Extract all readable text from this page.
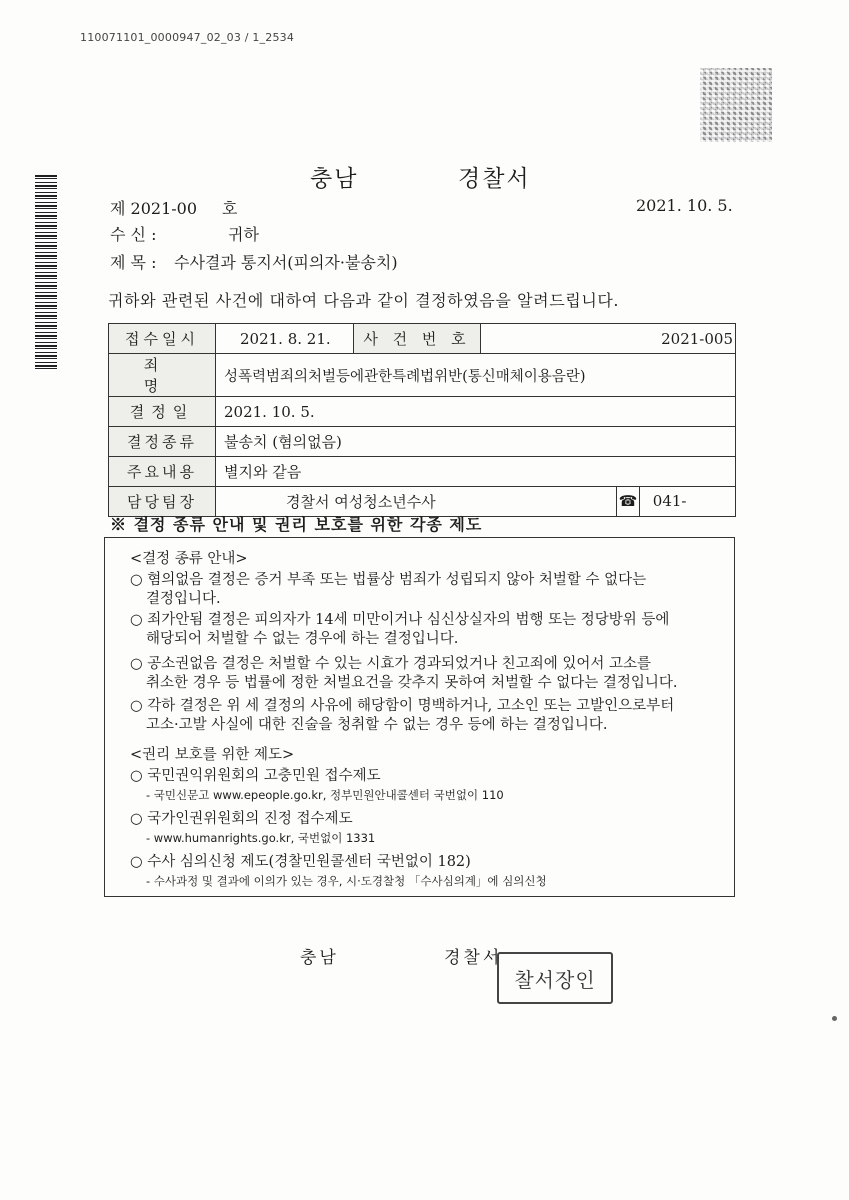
110071101_0000947_02_03 / 1_2534
충남	경찰서
제 2021-00 호	2021. 10. 5.
수 신 :	귀하
제 목 : 수사결과 통지서(피의자·불송치)
귀하와 관련된 사건에 대하여 다음과 같이 결정하였음을 알려드립니다.
접수일시	2021. 8. 21.	사 건 번 호	2021-005	
죄 명	성폭력범죄의처벌등에관한특례법위반(통신매체이용음란)			
결정일	2021. 10. 5.			
결정종류	불송치 (혐의없음)			
주요내용	별지와 같음			
담당팀장	경찰서 여성청소년수사			☎ 041-
※ 결정 종류 안내 및 권리 보호를 위한 각종 제도
<결정 종류 안내>
○ 혐의없음 결정은 증거 부족 또는 법률상 범죄가 성립되지 않아 처벌할 수 없다는
결정입니다.
○ 죄가안됨 결정은 피의자가 14세 미만이거나 심신상실자의 범행 또는 정당방위 등에
해당되어 처벌할 수 없는 경우에 하는 결정입니다.
○ 공소권없음 결정은 처벌할 수 있는 시효가 경과되었거나 친고죄에 있어서 고소를
취소한 경우 등 법률에 정한 처벌요건을 갖추지 못하여 처벌할 수 없다는 결정입니다.
○ 각하 결정은 위 세 결정의 사유에 해당함이 명백하거나, 고소인 또는 고발인으로부터
고소·고발 사실에 대한 진술을 청취할 수 없는 경우 등에 하는 결정입니다.
<권리 보호를 위한 제도>
○ 국민권익위원회의 고충민원 접수제도
- 국민신문고 www.epeople.go.kr, 정부민원안내콜센터 국번없이 110
○ 국가인권위원회의 진정 접수제도
- www.humanrights.go.kr, 국번없이 1331
○ 수사 심의신청 제도(경찰민원콜센터 국번없이 182)
- 수사과정 및 결과에 이의가 있는 경우, 시·도경찰청 「수사심의계」에 심의신청
충남	경찰서
찰서장인
